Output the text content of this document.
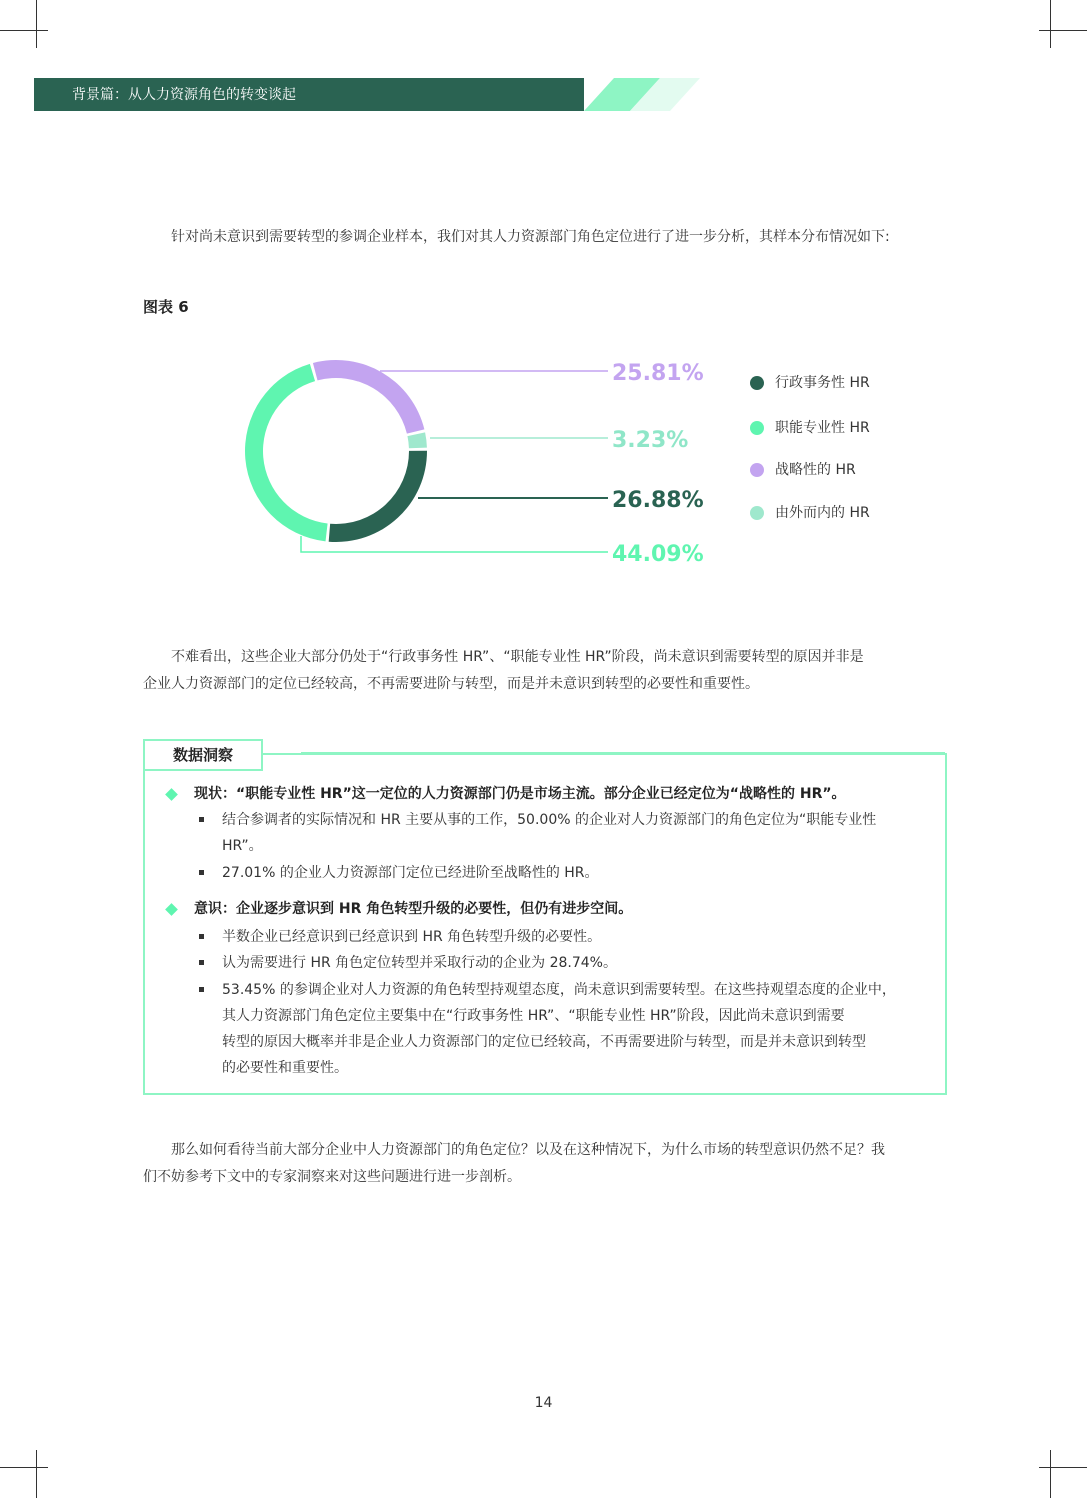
背景篇：从人力资源角色的转变谈起

针对尚未意识到需要转型的参调企业样本，我们对其人力资源部门角色定位进行了进一步分析，其样本分布情况如下:

图表 6
25.81%
3.23%
26.88%
44.09%
行政事务性 HR
职能专业性 HR
战略性的 HR
由外而内的 HR
不难看出，这些企业大部分仍处于“行政事务性 HR”、“职能专业性 HR”阶段，尚未意识到需要转型的原因并非是
企业人力资源部门的定位已经较高，不再需要进阶与转型，而是并未意识到转型的必要性和重要性。
数据洞察
现状：“职能专业性 HR”这一定位的人力资源部门仍是市场主流。部分企业已经定位为“战略性的 HR”。
结合参调者的实际情况和 HR 主要从事的工作，50.00% 的企业对人力资源部门的角色定位为“职能专业性
HR”。
27.01% 的企业人力资源部门定位已经进阶至战略性的 HR。
意识：企业逐步意识到 HR 角色转型升级的必要性，但仍有进步空间。
半数企业已经意识到已经意识到 HR 角色转型升级的必要性。
认为需要进行 HR 角色定位转型并采取行动的企业为 28.74%。
53.45% 的参调企业对人力资源的角色转型持观望态度，尚未意识到需要转型。在这些持观望态度的企业中，
其人力资源部门角色定位主要集中在“行政事务性 HR”、“职能专业性 HR”阶段，因此尚未意识到需要
转型的原因大概率并非是企业人力资源部门的定位已经较高，不再需要进阶与转型，而是并未意识到转型
的必要性和重要性。
那么如何看待当前大部分企业中人力资源部门的角色定位？以及在这种情况下，为什么市场的转型意识仍然不足？我
们不妨参考下文中的专家洞察来对这些问题进行进一步剖析。
14
